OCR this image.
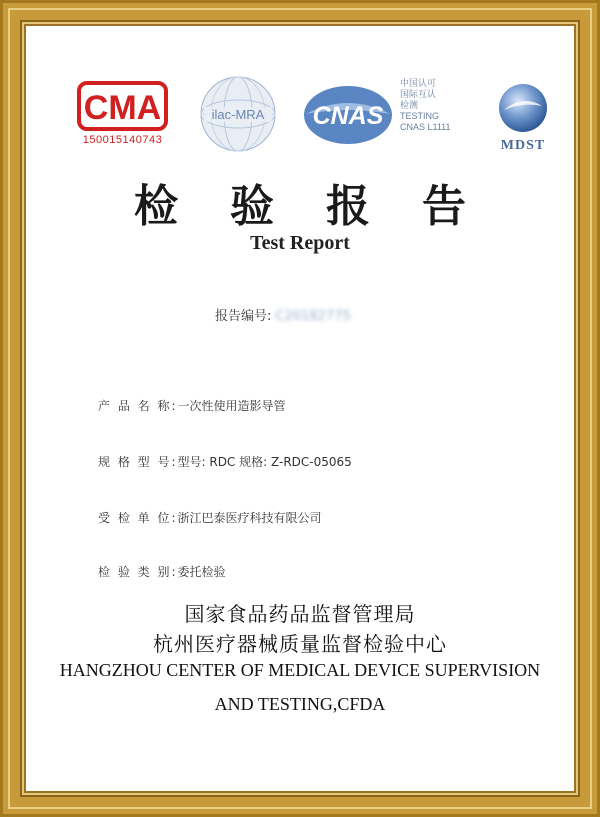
CMA
150015140743
ilac-MRA CNAS
中国认可
国际互认
检测
TESTING
CNAS L1111
MDST
检验报告
Test Report
报告编号: C20182775
产 品 名 称:一次性使用造影导管
规 格 型 号:型号: RDC 规格: Z-RDC-05065
受 检 单 位:浙江巴泰医疗科技有限公司
检 验 类 别:委托检验
国家食品药品监督管理局
杭州医疗器械质量监督检验中心
HANGZHOU CENTER OF MEDICAL DEVICE SUPERVISION
AND TESTING,CFDA
